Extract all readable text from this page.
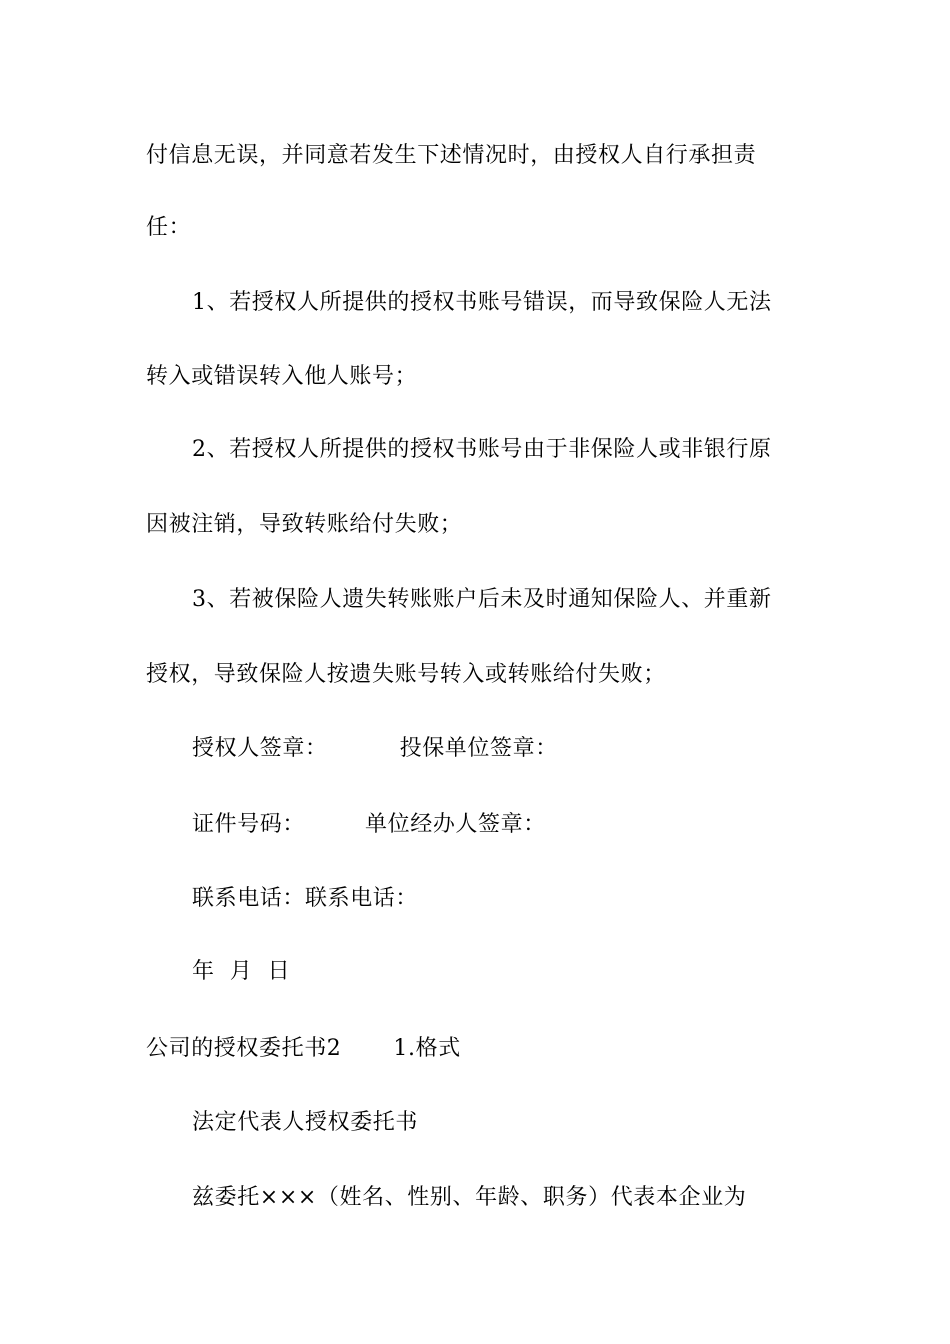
付信息无误，并同意若发生下述情况时，由授权人自行承担责
任：
1、若授权人所提供的授权书账号错误，而导致保险人无法
转入或错误转入他人账号；
2、若授权人所提供的授权书账号由于非保险人或非银行原
因被注销，导致转账给付失败；
3、若被保险人遗失转账账户后未及时通知保险人、并重新
授权，导致保险人按遗失账号转入或转账给付失败；
授权人签章：	投保单位签章：
证件号码：	单位经办人签章：
联系电话：联系电话：
年  月  日
公司的授权委托书2 1.格式
法定代表人授权委托书
兹委托×××（姓名、性别、年龄、职务）代表本企业为
